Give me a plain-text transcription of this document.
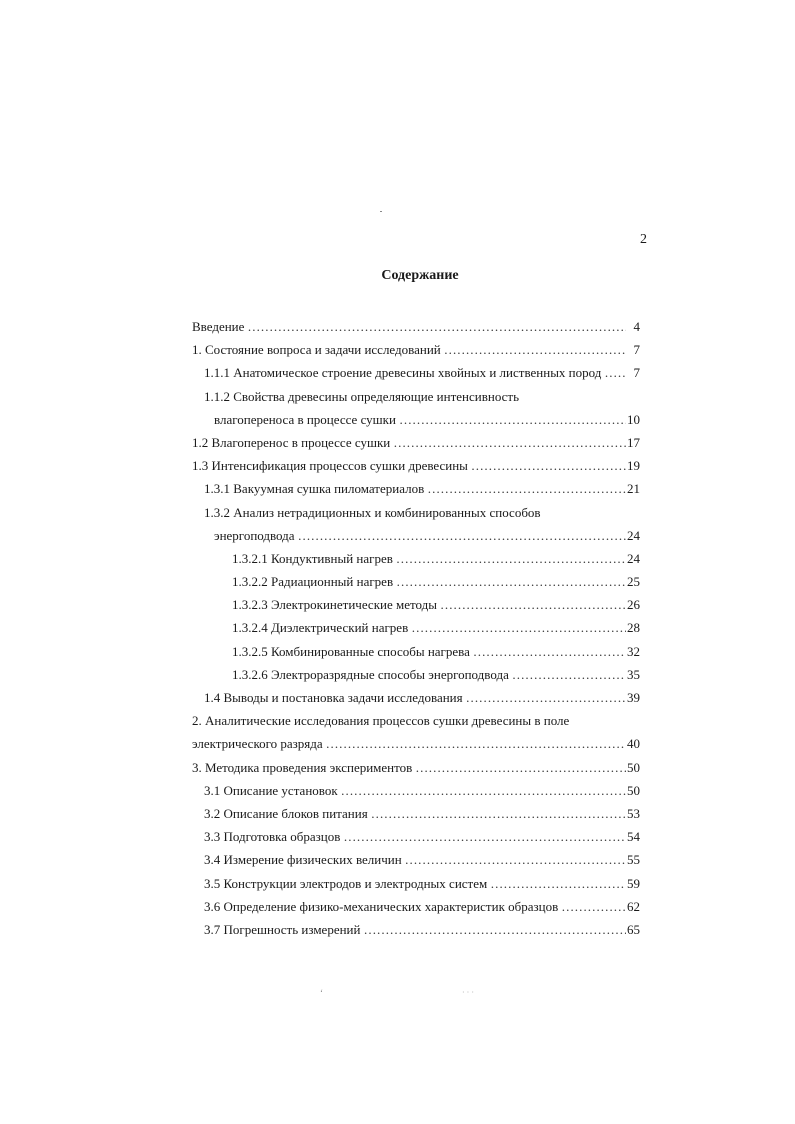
2
Содержание
Введение …………………………………………………………………………………………………………………………………………………	4
1. Состояние вопроса и задачи исследований …………………………………………………………………………………………………………………………………………………	7
1.1.1 Анатомическое строение древесины хвойных и лиственных пород …………………………………………………………………………………………………………………………………………………	7
1.1.2 Свойства древесины определяющие интенсивность
влагопереноса в процессе сушки …………………………………………………………………………………………………………………………………………………	10
1.2 Влагоперенос в процессе сушки …………………………………………………………………………………………………………………………………………………	17
1.3 Интенсификация процессов сушки древесины …………………………………………………………………………………………………………………………………………………	19
1.3.1 Вакуумная сушка пиломатериалов …………………………………………………………………………………………………………………………………………………	21
1.3.2 Анализ нетрадиционных и комбинированных способов
энергоподвода …………………………………………………………………………………………………………………………………………………	24
1.3.2.1 Кондуктивный нагрев …………………………………………………………………………………………………………………………………………………	24
1.3.2.2 Радиационный нагрев …………………………………………………………………………………………………………………………………………………	25
1.3.2.3 Электрокинетические методы …………………………………………………………………………………………………………………………………………………	26
1.3.2.4 Диэлектрический нагрев …………………………………………………………………………………………………………………………………………………	28
1.3.2.5 Комбинированные способы нагрева …………………………………………………………………………………………………………………………………………………	32
1.3.2.6 Электроразрядные способы энергоподвода …………………………………………………………………………………………………………………………………………………	35
1.4 Выводы и постановка задачи исследования …………………………………………………………………………………………………………………………………………………	39
2. Аналитические исследования процессов сушки древесины в поле
электрического разряда …………………………………………………………………………………………………………………………………………………	40
3. Методика проведения экспериментов …………………………………………………………………………………………………………………………………………………	50
3.1 Описание установок …………………………………………………………………………………………………………………………………………………	50
3.2 Описание блоков питания …………………………………………………………………………………………………………………………………………………	53
3.3 Подготовка образцов …………………………………………………………………………………………………………………………………………………	54
3.4 Измерение физических величин …………………………………………………………………………………………………………………………………………………	55
3.5 Конструкции электродов и электродных систем …………………………………………………………………………………………………………………………………………………	59
3.6 Определение физико-механических характеристик образцов …………………………………………………………………………………………………………………………………………………	62
3.7 Погрешность измерений …………………………………………………………………………………………………………………………………………………	65
‘	···
